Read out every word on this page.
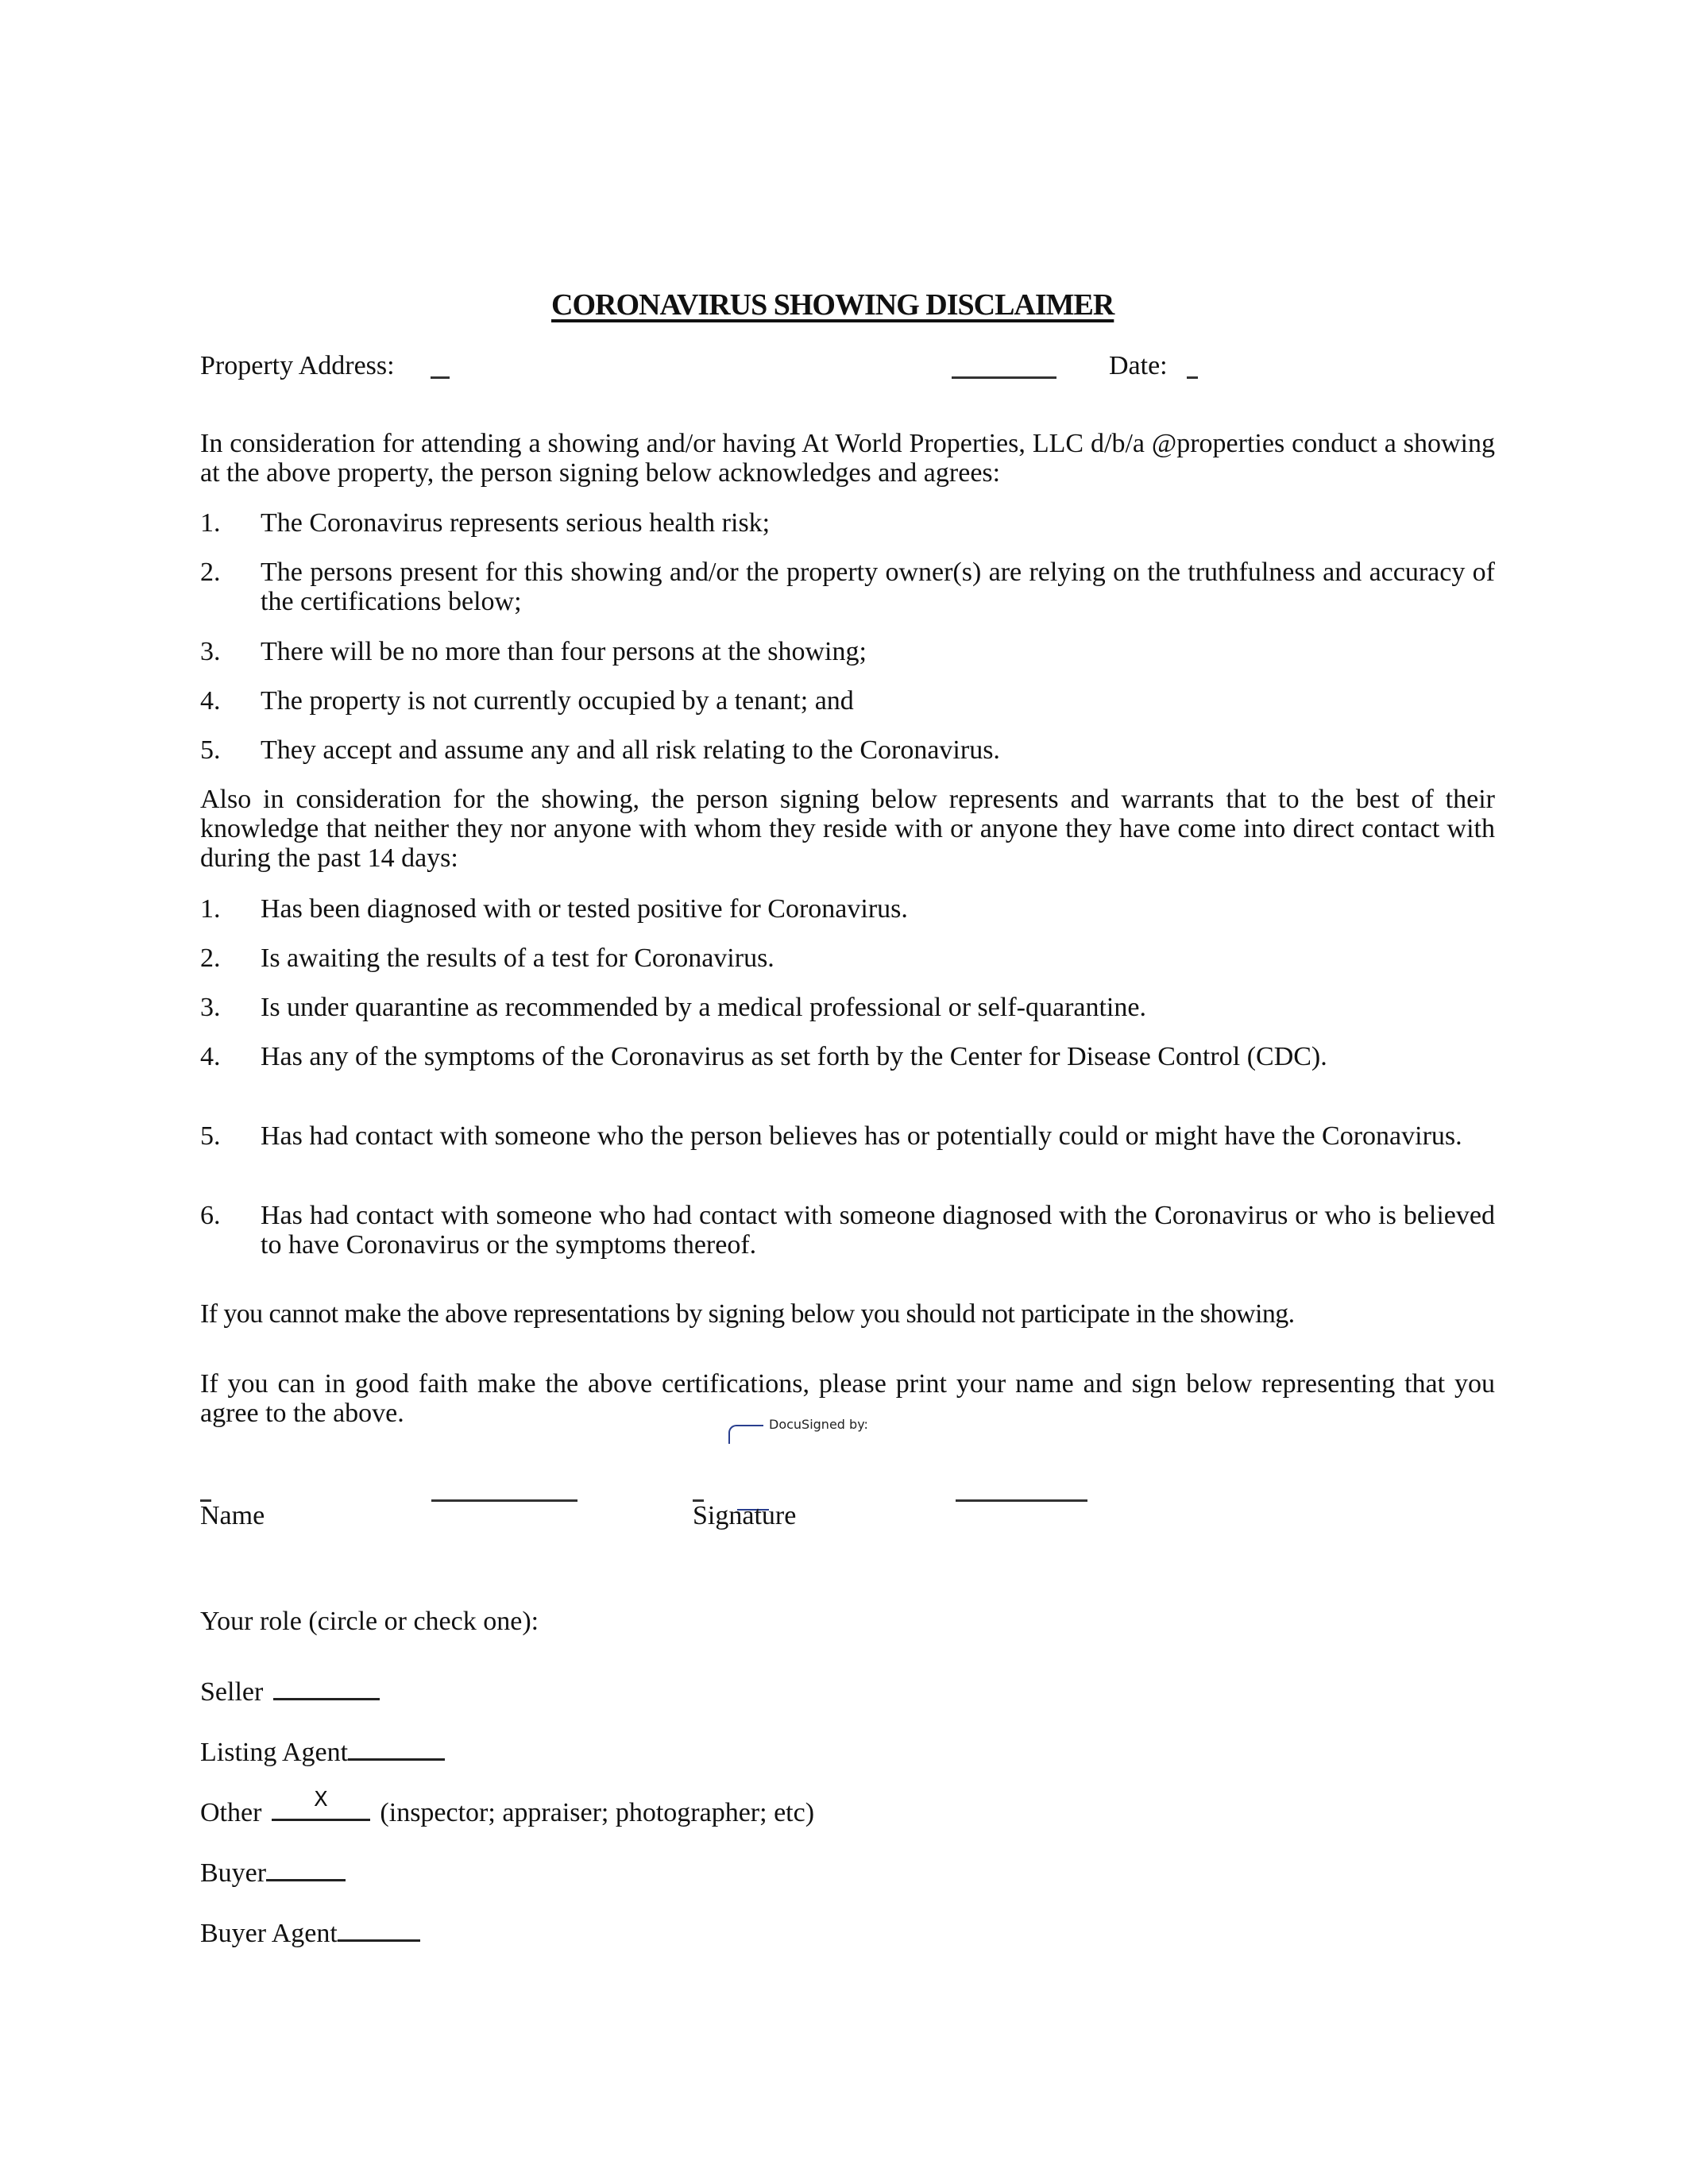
CORONAVIRUS SHOWING DISCLAIMER
Property Address:	Date:
In consideration for attending a showing and/or having At World Properties, LLC d/b/a @properties conduct a showing at the above property, the person signing below acknowledges and agrees:
1. The Coronavirus represents serious health risk;
2. The persons present for this showing and/or the property owner(s) are relying on the truthfulness and accuracy of the certifications below;
3. There will be no more than four persons at the showing;
4. The property is not currently occupied by a tenant; and
5. They accept and assume any and all risk relating to the Coronavirus.
Also in consideration for the showing, the person signing below represents and warrants that to the best of their knowledge that neither they nor anyone with whom they reside with or anyone they have come into direct contact with during the past 14 days:
1. Has been diagnosed with or tested positive for Coronavirus.
2. Is awaiting the results of a test for Coronavirus.
3. Is under quarantine as recommended by a medical professional or self-quarantine.
4. Has any of the symptoms of the Coronavirus as set forth by the Center for Disease Control (CDC).
5. Has had contact with someone who the person believes has or potentially could or might have the Coronavirus.
6. Has had contact with someone who had contact with someone diagnosed with the Coronavirus or who is believed to have Coronavirus or the symptoms thereof.
If you cannot make the above representations by signing below you should not participate in the showing.
If you can in good faith make the above certifications, please print your name and sign below representing that you agree to the above.	DocuSigned by:
Name	Signature
Your role (circle or check one):
Seller
Listing Agent
Other	X	(inspector; appraiser; photographer; etc)
Buyer
Buyer Agent
